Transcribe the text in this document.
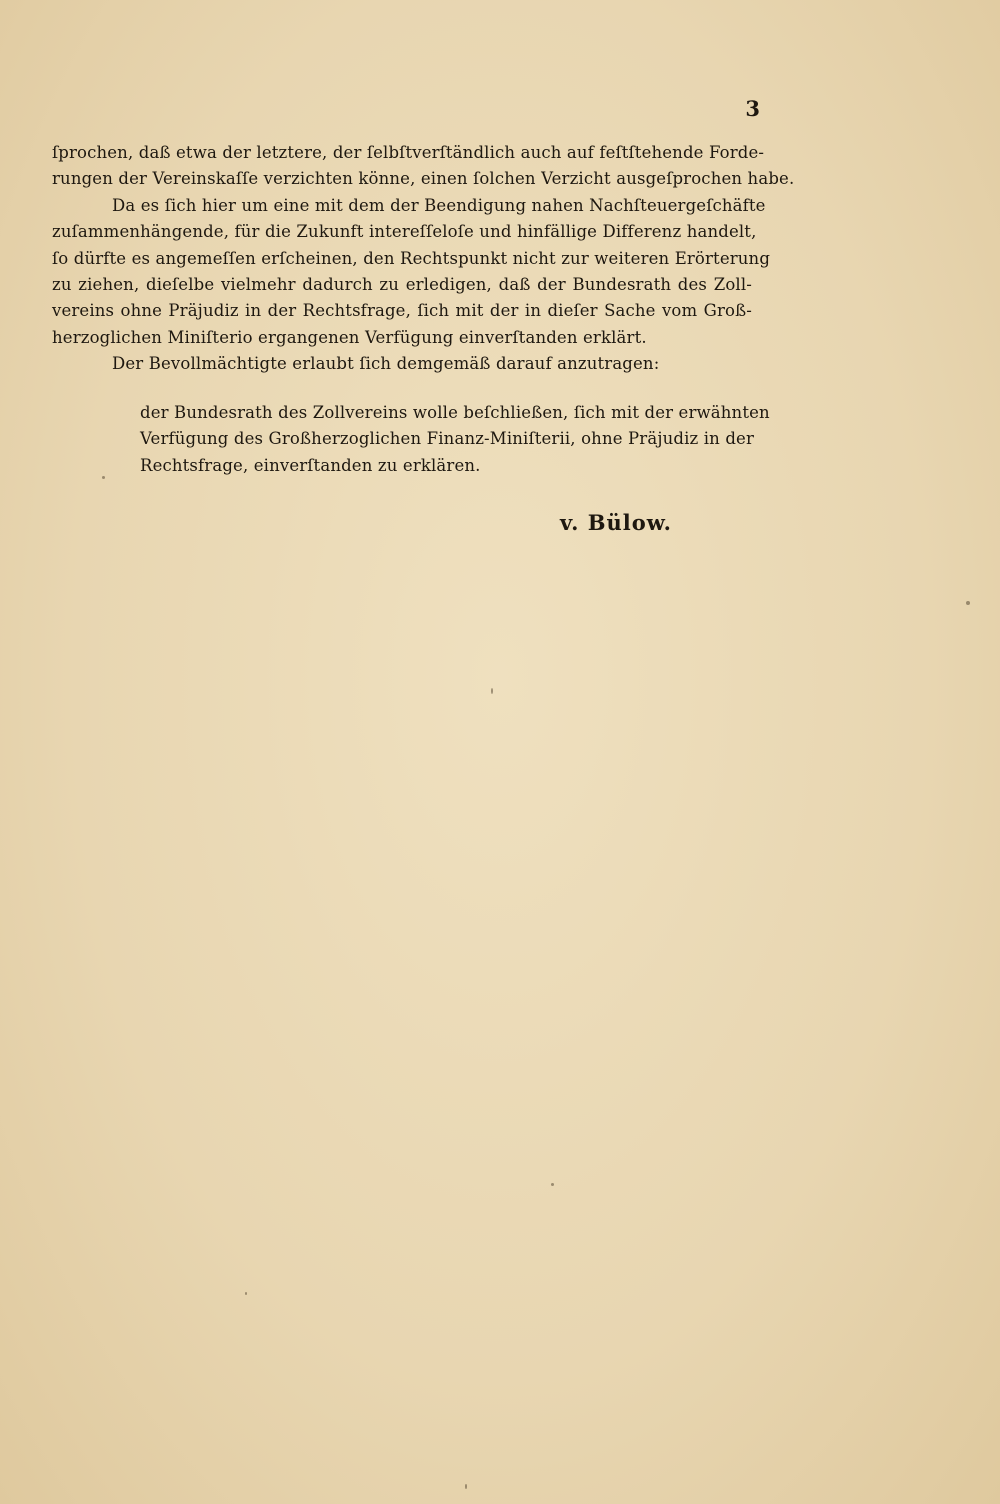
3
ſprochen, daß etwa der letztere, der ſelbſtverſtändlich auch auf feſtſtehende Forde-
rungen der Vereinskaſſe verzichten könne, einen ſolchen Verzicht ausgeſprochen habe.
Da es ſich hier um eine mit dem der Beendigung nahen Nachſteuergeſchäfte
zuſammenhängende, für die Zukunft intereſſeloſe und hinfällige Differenz handelt,
ſo dürfte es angemeſſen erſcheinen, den Rechtspunkt nicht zur weiteren Erörterung
zu ziehen, dieſelbe vielmehr dadurch zu erledigen, daß der Bundesrath des Zoll-
vereins ohne Präjudiz in der Rechtsfrage, ſich mit der in dieſer Sache vom Groß-
herzoglichen Miniſterio ergangenen Verfügung einverſtanden erklärt.
Der Bevollmächtigte erlaubt ſich demgemäß darauf anzutragen:
der Bundesrath des Zollvereins wolle beſchließen, ſich mit der erwähnten
Verfügung des Großherzoglichen Finanz-Miniſterii, ohne Präjudiz in der
Rechtsfrage, einverſtanden zu erklären.
v. Bülow.
